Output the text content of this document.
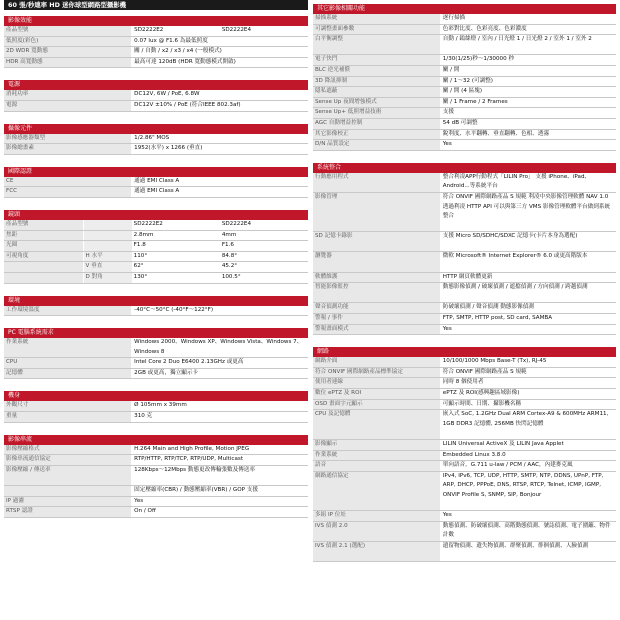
60 張/秒連率 HD 迷你球型網路型攝影機
影像效能
產品型號	SD2222E2	SD2222E4
低照度(彩色)	0.07 lux @ F1.6 為最低照度	
2D WDR 寬動態	關 / 自動 / x2 / x3 / x4 (一般模式)	
HDR 高寬動態	最高可達 120dB (HDR 寬動態模式開啟)	
電源
消耗功率	DC12V, 6W / PoE, 6.8W
電源	DC12V ±10% / PoE (符合IEEE 802.3af)
攝像元件
影像感應器類型	1/2.86" MOS
影像總畫素	1952(水平) x 1266 (垂直)
國際認證
CE	通過 EMI Class A
FCC	通過 EMI Class A
鏡頭
產品型號		SD2222E2	SD2222E4
焦距		2.8mm	4mm
光圈		F1.8	F1.6
可視角度	H 水平	110°	84.8°
	V 垂直	62°	45.2°
	D 對角	130°	100.5°
環境
工作環境溫度	-40°C～50°C (-40°F～122°F)
PC 電腦系統需求
作業系統	Windows 2000、Windows XP、Windows Vista、Windows 7、Windows 8
CPU	Intel Core 2 Duo E6400 2.13GHz 或更高
記憶體	2GB 或更高，獨立顯示卡
機身
外觀尺寸	Ø 105mm x 39mm
重量	310 克
影像串流
影像壓縮格式	H.264 Main and High Profile, Motion JPEG
影像串流通信協定	RTP/HTTP, RTP/TCP, RTP/UDP, Multicast
影像壓縮 / 傳送率	128Kbps～12Mbps 動態更改傳輸張數及傳送率
	固定壓縮率(CBR) / 動態壓縮率(VBR) / GOP 支援
IP 過濾	Yes
RTSP 認證	On / Off
其它影像相關功能
掃描系統	逐行掃描
可調整畫面參數	色彩對比度、色彩亮度、色彩濃度
白平衡調整	自動 / 鎢絲燈 / 室內 / 日光燈 1 / 日光燈 2 / 室外 1 / 室外 2
電子快門	1/30(1/25)秒～1/30000 秒
BLC 逆光補償	關 / 開
3D 降訊抑制	關 / 1～32 (可調整)
隱私遮蔽	關 / 開 (4 區塊)
Sense Up 夜間增強模式	關 / 1 Frame / 2 Frames
Sense Up+ 低照增益技術	支援
AGC 自動增益控制	54 dB 可調整
其它影像校正	銳利度、水平翻轉、垂直翻轉、色相、透霧
D/N 品質設定	Yes
系統整合
行動應用程式	整合利凌APP行動程式「LILIN Pro」 支援 iPhone、iPad、Android...等系統平台
影像管理	符合 ONVIF 國際網路產品 S 規範 利凌中央影像管理軟體 NAV 1.0 透過利凌 HTTP API 可以與第三方 VMS 影像管理軟體平台做到系統整合
SD 記憶卡錄影	支援 Micro SD/SDHC/SDXC 記憶卡(卡片本身為選配)
瀏覽器	微軟 Microsoft® Internet Explorer® 6.0 或更高階版本
軟體維護	HTTP 網頁軟體更新
智能影像監控	動態影像偵測 / 破壞偵測 / 遮擋偵測 / 方向偵測 / 跨越偵測
聲音偵測功能	防破壞偵測 / 聲音偵測 動態影像偵測
警報 / 事件	FTP, SMTP, HTTP post, SD card, SAMBA
警報畫面模式	Yes
網路
網路介面	10/100/1000 Mbps Base-T (Tx), RJ-45
符合 ONVIF 國際網路產品標準協定	符合 ONVIF 國際網路產品 S 規範
使用者連線	同時 8 個使用者
數位 ePTZ 及 ROI	ePTZ 及 ROI(感興趣區域影像)
OSD 畫面字元顯示	可顯示時間、日期、攝影機名稱
CPU 及記憶體	嵌入式 SoC, 1.2GHz Dual ARM Cortex-A9 & 600MHz ARM11, 1GB DDR3 記憶體, 256MB 快閃記憶體
影像顯示	LILIN Universal ActiveX 及 LILIN Java Applet
作業系統	Embedded Linux 3.8.0
語音	單向語音，G.711 u-law / PCM / AAC，內建麥克風
網路通信協定	IPv4, IPv6, TCP, UDP, HTTP, SMTP, NTP, DDNS, UPnP, FTP, ARP, DHCP, PPPoE, DNS, RTSP, RTCP, Telnet, ICMP, IGMP, ONVIF Profile S, SNMP, SIP, Bonjour
多組 IP 位址	Yes
IVS 偵測 2.0	動態偵測、防破壞偵測、高階動態偵測、號誌偵測、電子圍籬、物件計數
IVS 偵測 2.1 (選配)	遺留物偵測、遺失物偵測、群聚偵測、徘徊偵測、人臉偵測
